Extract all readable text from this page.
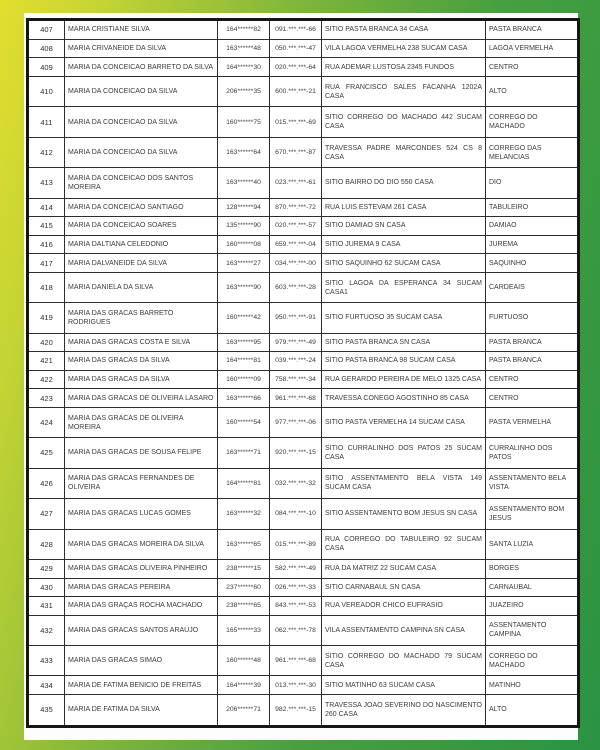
407	MARIA CRISTIANE SILVA	164******82	091.***.***-66	SITIO PASTA BRANCA 34 CASA	PASTA BRANCA
408	MARIA CRIVANEIDE DA SILVA	163******48	050.***.***-47	VILA LAGOA VERMELHA 238 SUCAM CASA	LAGOA VERMELHA
409	MARIA DA CONCEICAO BARRETO DA SILVA	164******30	020.***.***-64	RUA ADEMAR LUSTOSA 2345 FUNDOS	CENTRO
410	MARIA DA CONCEICAO DA SILVA	206******35	600.***.***-21	RUA FRANCISCO SALES FACANHA 1202A CASA	ALTO
411	MARIA DA CONCEICAO DA SILVA	160******75	015.***.***-69	SITIO CORREGO DO MACHADO 442 SUCAM CASA	CORREGO DO MACHADO
412	MARIA DA CONCEICAO DA SILVA	163******64	670.***.***-87	TRAVESSA PADRE MARCONDES 524 CS 8 CASA	CORREGO DAS MELANCIAS
413	MARIA DA CONCEICAO DOS SANTOS MOREIRA	163******40	023.***.***-61	SITIO BAIRRO DO DIO 550 CASA	DIO
414	MARIA DA CONCEICAO SANTIAGO	128******94	870.***.***-72	RUA LUIS ESTEVAM 261 CASA	TABULEIRO
415	MARIA DA CONCEICAO SOARES	135******90	020.***.***-57	SITIO DAMIAO SN CASA	DAMIAO
416	MARIA DALTIANA CELEDONIO	160******08	659.***.***-04	SITIO JUREMA 9 CASA	JUREMA
417	MARIA DALVANEIDE DA SILVA	163******27	034.***.***-00	SITIO SAQUINHO 62 SUCAM CASA	SAQUINHO
418	MARIA DANIELA DA SILVA	163******90	603.***.***-28	SITIO LAGOA DA ESPERANCA 34 SUCAM CASA1	CARDEAIS
419	MARIA DAS GRACAS BARRETO RODRIGUES	160******42	950.***.***-91	SITIO FURTUOSO 35 SUCAM CASA	FURTUOSO
420	MARIA DAS GRACAS COSTA E SILVA	163******95	979.***.***-49	SITIO PASTA BRANCA SN CASA	PASTA BRANCA
421	MARIA DAS GRACAS DA SILVA	164******81	039.***.***-24	SITIO PASTA BRANCA 98 SUCAM CASA	PASTA BRANCA
422	MARIA DAS GRACAS DA SILVA	160******09	758.***.***-34	RUA GERARDO PEREIRA DE MELO 1325 CASA	CENTRO
423	MARIA DAS GRACAS DE OLIVEIRA LASARO	163******66	961.***.***-68	TRAVESSA CONEGO AGOSTINHO 85 CASA	CENTRO
424	MARIA DAS GRACAS DE OLIVEIRA MOREIRA	160******54	977.***.***-06	SITIO PASTA VERMELHA 14 SUCAM CASA	PASTA VERMELHA
425	MARIA DAS GRACAS DE SOUSA FELIPE	163******71	920.***.***-15	SITIO CURRALINHO DOS PATOS 25 SUCAM CASA	CURRALINHO DOS PATOS
426	MARIA DAS GRACAS FERNANDES DE OLIVEIRA	164******81	032.***.***-32	SITIO ASSENTAMENTO BELA VISTA 149 SUCAM CASA	ASSENTAMENTO BELA VISTA
427	MARIA DAS GRACAS LUCAS GOMES	163******32	084.***.***-10	SITIO ASSENTAMENTO BOM JESUS SN CASA	ASSENTAMENTO BOM JESUS
428	MARIA DAS GRACAS MOREIRA DA SILVA	163******65	015.***.***-89	RUA CORREGO DO TABULEIRO 92 SUCAM CASA	SANTA LUZIA
429	MARIA DAS GRACAS OLIVEIRA PINHEIRO	238******15	582.***.***-49	RUA DA MATRIZ 22 SUCAM CASA	BORGES
430	MARIA DAS GRACAS PEREIRA	237******60	026.***.***-33	SITIO CARNABAUL SN CASA	CARNAUBAL
431	MARIA DAS GRAÇAS ROCHA MACHADO	238******65	843.***.***-53	RUA VEREADOR CHICO EUFRASIO	JUAZEIRO
432	MARIA DAS GRACAS SANTOS ARAUJO	165******33	062.***.***-78	VILA ASSENTAMENTO CAMPINA SN CASA	ASSENTAMENTO CAMPINA
433	MARIA DAS GRACAS SIMAO	160******48	961.***.***-68	SITIO CORREGO DO MACHADO 79 SUCAM CASA	CORREGO DO MACHADO
434	MARIA DE FATIMA BENICIO DE FREITAS	164******39	013.***.***-30	SITIO MATINHO 63 SUCAM CASA	MATINHO
435	MARIA DE FATIMA DA SILVA	206******71	982.***.***-15	TRAVESSA JOAO SEVERINO DO NASCIMENTO 260 CASA	ALTO
